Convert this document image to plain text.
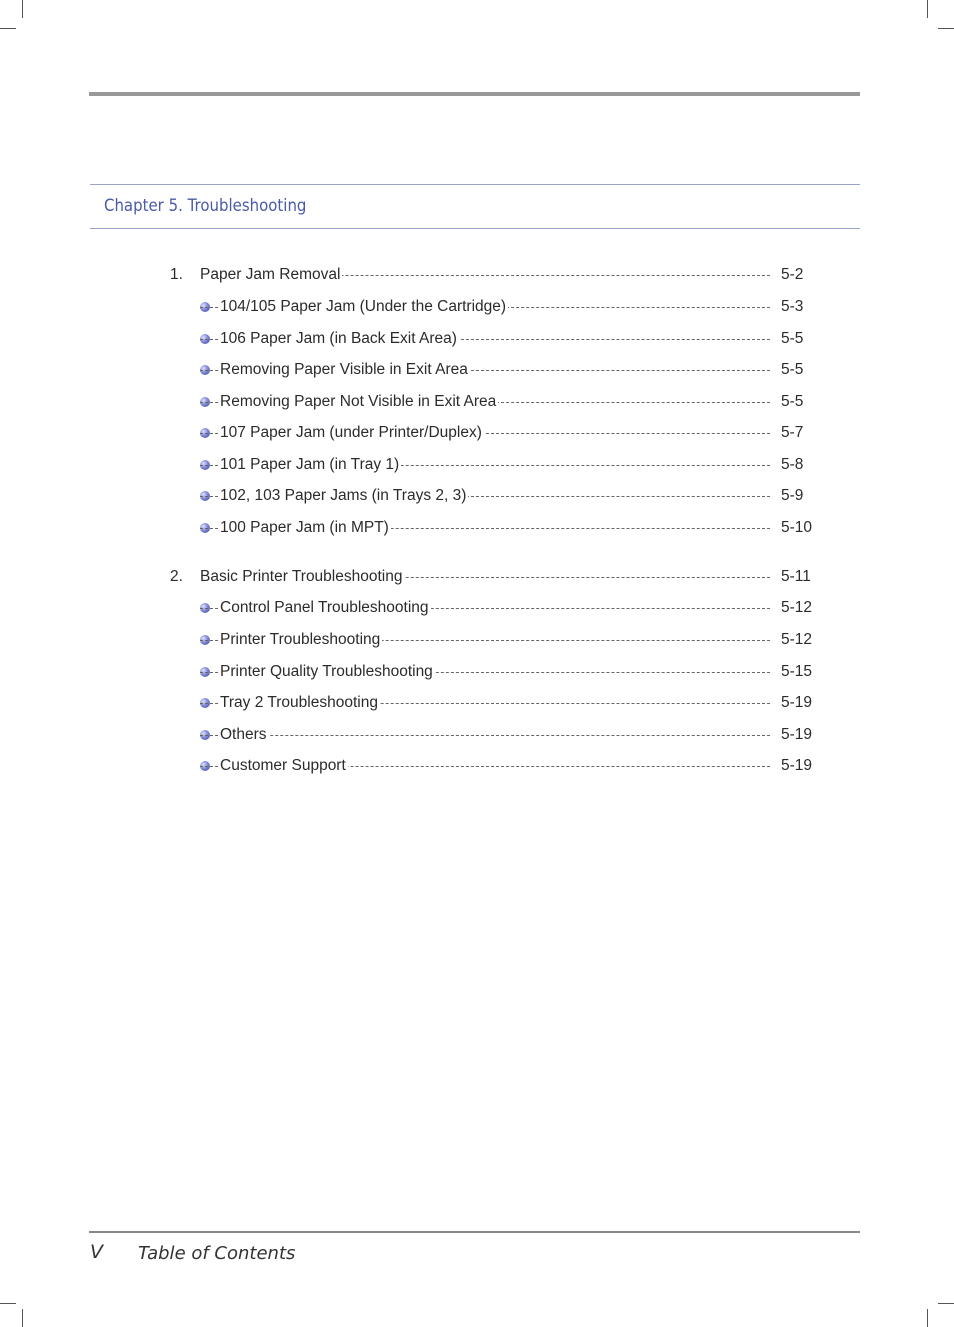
Chapter 5. Troubleshooting
1. Paper Jam Removal	5-2
104/105 Paper Jam (Under the Cartridge)	5-3
106 Paper Jam (in Back Exit Area)	5-5
Removing Paper Visible in Exit Area	5-5
Removing Paper Not Visible in Exit Area	5-5
107 Paper Jam (under Printer/Duplex)	5-7
101 Paper Jam (in Tray 1)	5-8
102, 103 Paper Jams (in Trays 2, 3)	5-9
100 Paper Jam (in MPT)	5-10
2. Basic Printer Troubleshooting	5-11
Control Panel Troubleshooting	5-12
Printer Troubleshooting	5-12
Printer Quality Troubleshooting	5-15
Tray 2 Troubleshooting	5-19
Others	5-19
Customer Support	5-19
V Table of Contents
